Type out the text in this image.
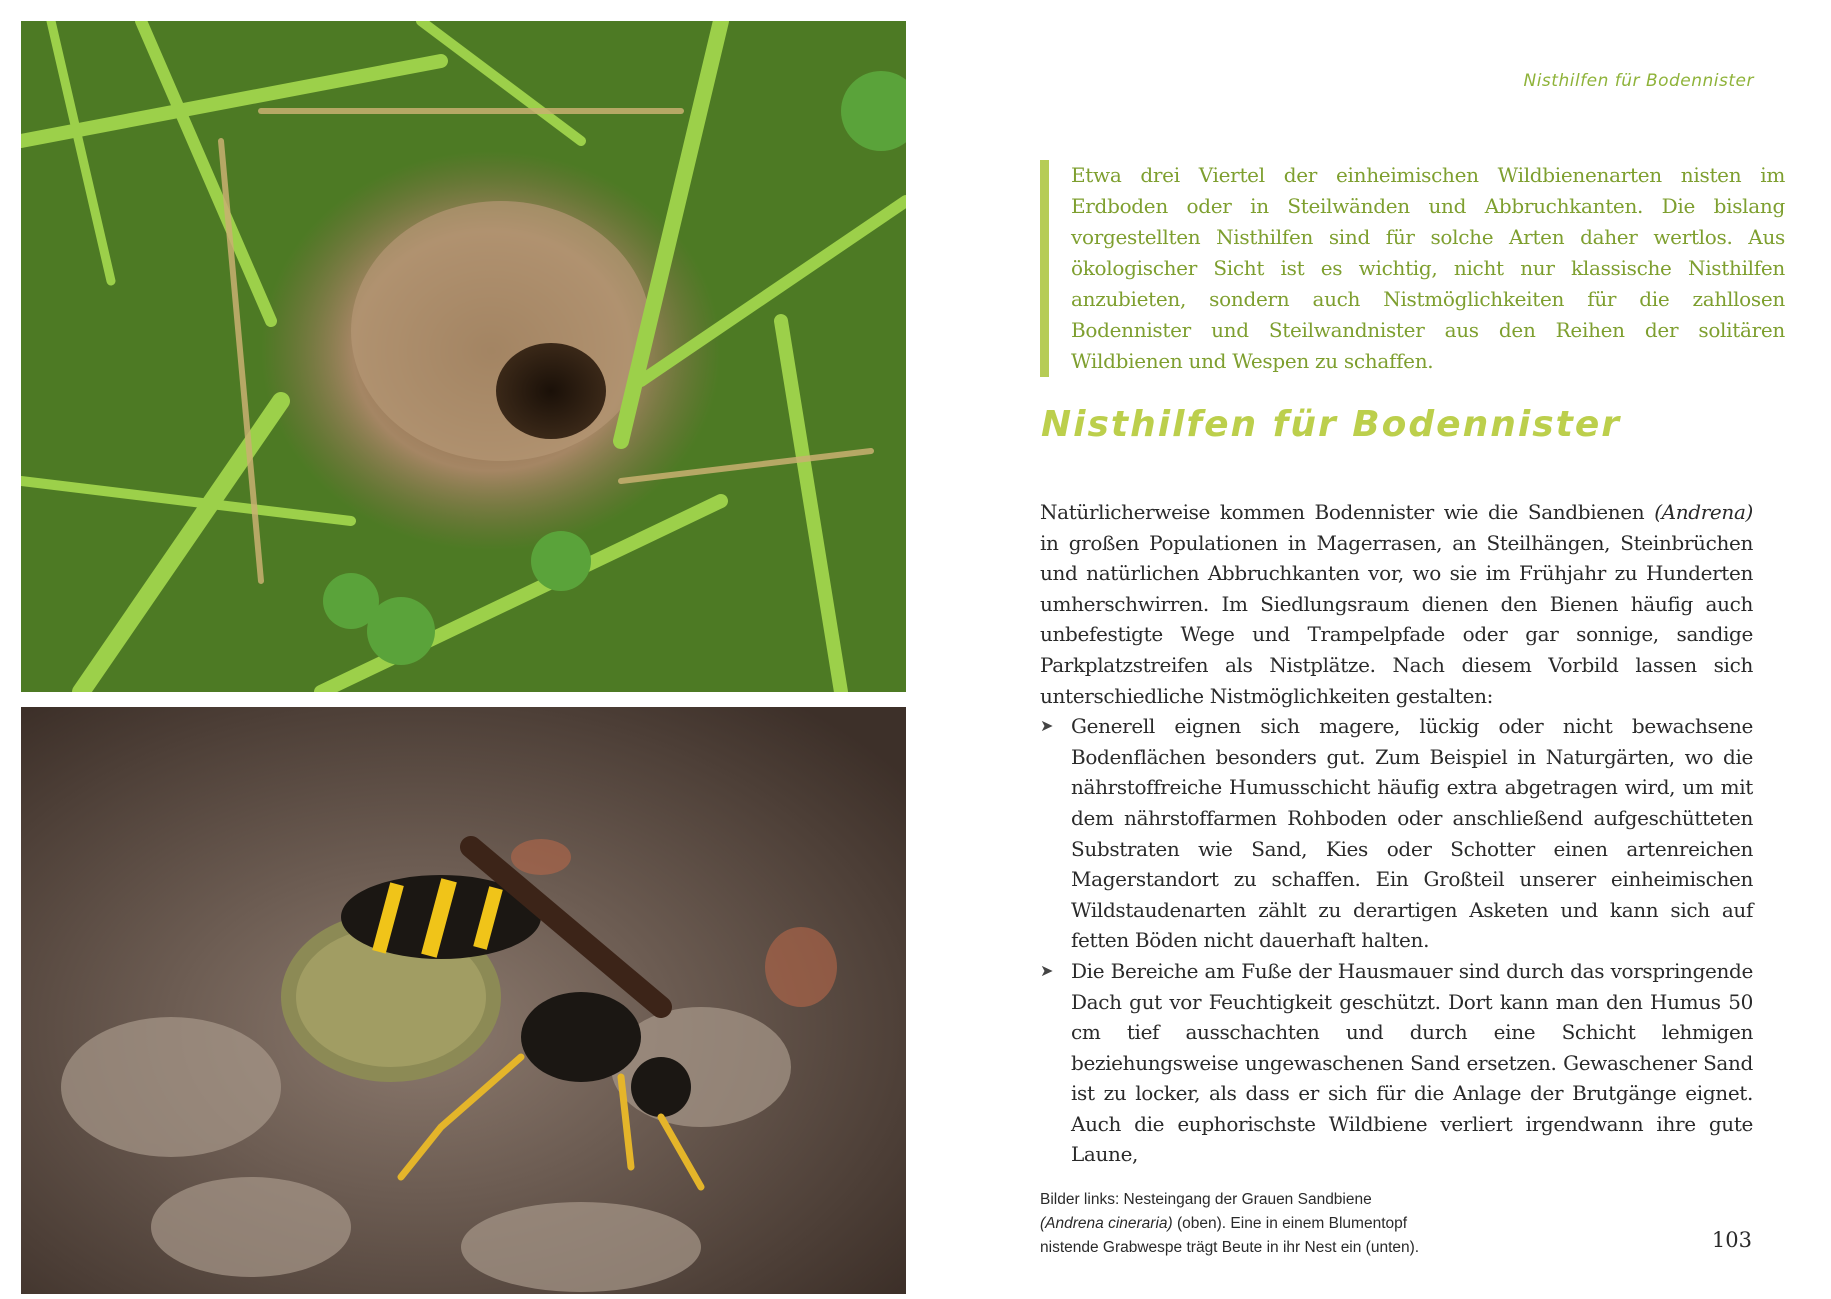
Nisthilfen für Bodennister
Etwa drei Viertel der einheimischen Wildbienenarten nisten im Erdboden oder in Steilwänden und Abbruchkanten. Die bislang vorgestellten Nisthilfen sind für solche Arten daher wertlos. Aus ökologischer Sicht ist es wichtig, nicht nur klassische Nisthilfen anzubieten, sondern auch Nistmöglichkeiten für die zahllosen Bodennister und Steilwandnister aus den Reihen der solitären Wildbienen und Wespen zu schaffen.
Nisthilfen für Bodennister

Natürlicherweise kommen Bodennister wie die Sandbienen (Andrena) in großen Populationen in Magerrasen, an Steilhängen, Steinbrüchen und natürlichen Abbruchkanten vor, wo sie im Frühjahr zu Hunderten umherschwirren. Im Siedlungsraum dienen den Bienen häufig auch unbefestigte Wege und Trampelpfade oder gar sonnige, sandige Parkplatzstreifen als Nistplätze. Nach diesem Vorbild lassen sich unterschiedliche Nistmöglichkeiten gestalten:

➤ Generell eignen sich magere, lückig oder nicht bewachsene Bodenflächen besonders gut. Zum Beispiel in Naturgärten, wo die nährstoffreiche Humusschicht häufig extra abgetragen wird, um mit dem nährstoffarmen Rohboden oder anschließend aufgeschütteten Substraten wie Sand, Kies oder Schotter einen artenreichen Magerstandort zu schaffen. Ein Großteil unserer einheimischen Wildstaudenarten zählt zu derartigen Asketen und kann sich auf fetten Böden nicht dauerhaft halten.
➤ Die Bereiche am Fuße der Hausmauer sind durch das vorspringende Dach gut vor Feuchtigkeit geschützt. Dort kann man den Humus 50 cm tief ausschachten und durch eine Schicht lehmigen beziehungsweise ungewaschenen Sand ersetzen. Gewaschener Sand ist zu locker, als dass er sich für die Anlage der Brutgänge eignet. Auch die euphorischste Wildbiene verliert irgendwann ihre gute Laune,
Bilder links: Nesteingang der Grauen Sandbiene
(Andrena cineraria) (oben). Eine in einem Blumentopf
nistende Grabwespe trägt Beute in ihr Nest ein (unten).	103
